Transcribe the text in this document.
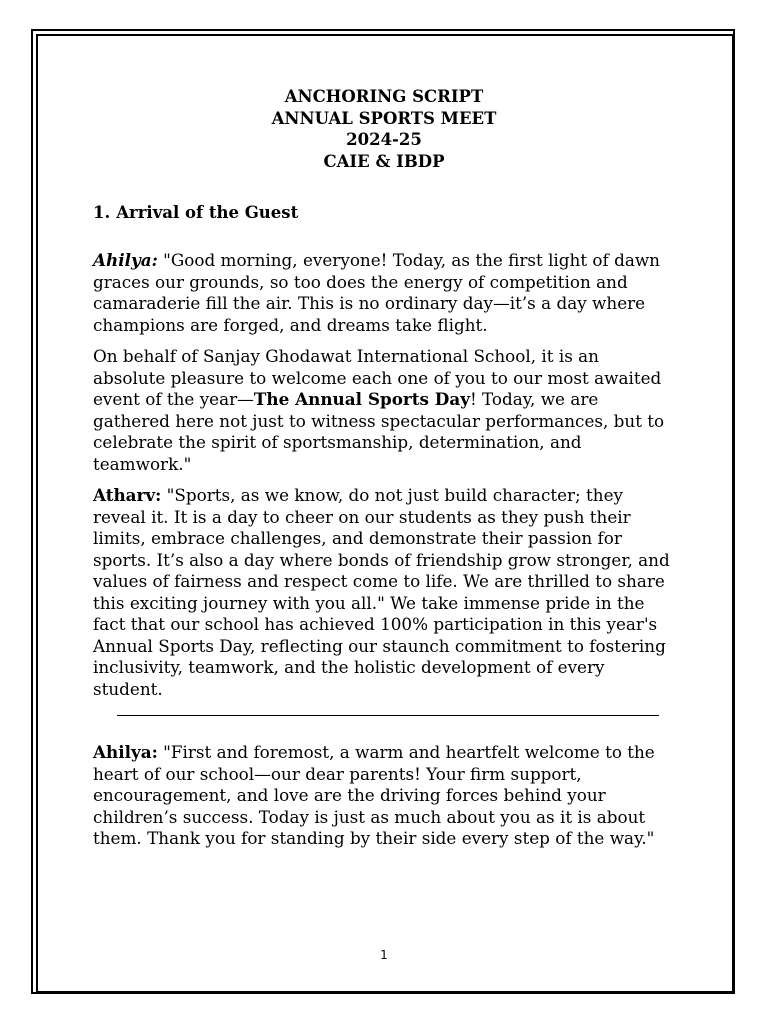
ANCHORING SCRIPT
ANNUAL SPORTS MEET
2024-25
CAIE & IBDP
1. Arrival of the Guest

Ahilya: "Good morning, everyone! Today, as the first light of dawn graces our grounds, so too does the energy of competition and camaraderie fill the air. This is no ordinary day—it’s a day where champions are forged, and dreams take flight.

On behalf of Sanjay Ghodawat International School, it is an absolute pleasure to welcome each one of you to our most awaited event of the year—The Annual Sports Day! Today, we are gathered here not just to witness spectacular performances, but to celebrate the spirit of sportsmanship, determination, and teamwork."

Atharv: "Sports, as we know, do not just build character; they reveal it. It is a day to cheer on our students as they push their limits, embrace challenges, and demonstrate their passion for sports. It’s also a day where bonds of friendship grow stronger, and values of fairness and respect come to life. We are thrilled to share this exciting journey with you all." We take immense pride in the fact that our school has achieved 100% participation in this year's Annual Sports Day, reflecting our staunch commitment to fostering inclusivity, teamwork, and the holistic development of every student.

Ahilya: "First and foremost, a warm and heartfelt welcome to the heart of our school—our dear parents! Your firm support, encouragement, and love are the driving forces behind your children’s success. Today is just as much about you as it is about them. Thank you for standing by their side every step of the way."

1
